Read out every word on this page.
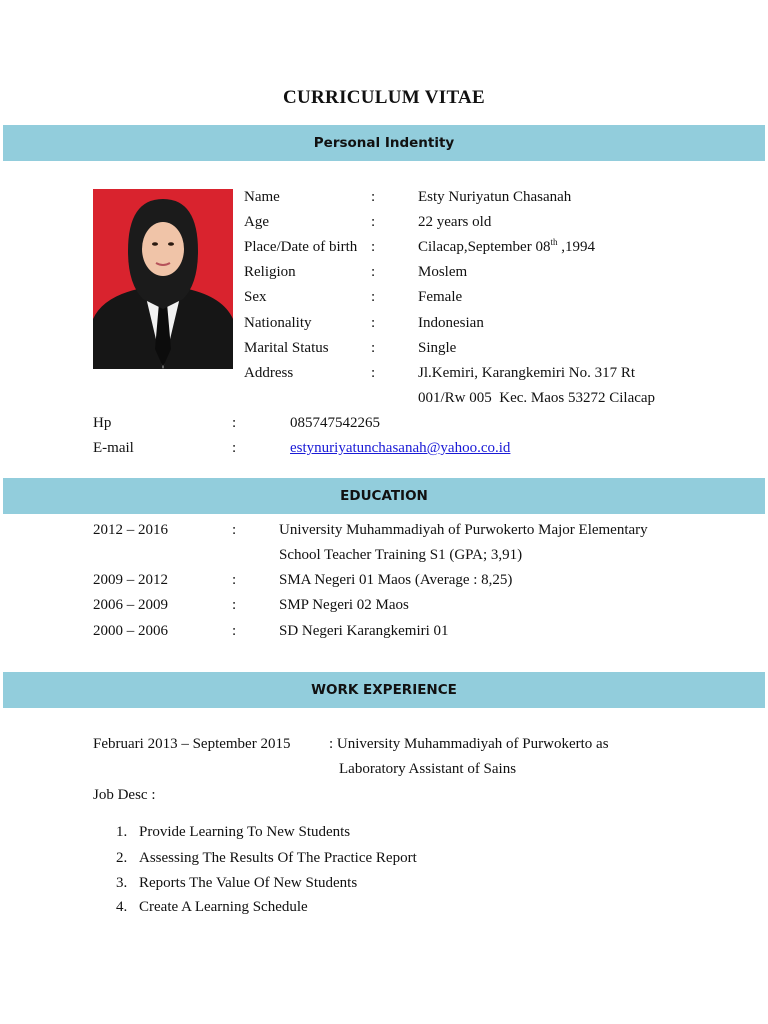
CURRICULUM VITAE
Personal Indentity
Name	:	Esty Nuriyatun Chasanah
Age	:	22 years old
Place/Date of birth :	Cilacap,September 08th ,1994
Religion	:	Moslem
Sex	:	Female
Nationality	:	Indonesian
Marital Status	:	Single
Address	:	Jl.Kemiri, Karangkemiri No. 317 Rt
001/Rw 005  Kec. Maos 53272 Cilacap
Hp	:	085747542265
E-mail	:	estynuriyatunchasanah@yahoo.co.id
EDUCATION
2012 – 2016	:	University Muhammadiyah of Purwokerto Major Elementary
School Teacher Training S1 (GPA; 3,91)
2009 – 2012	:	SMA Negeri 01 Maos (Average : 8,25)
2006 – 2009	:	SMP Negeri 02 Maos
2000 – 2006	:	SD Negeri Karangkemiri 01
WORK EXPERIENCE
Februari 2013 – September 2015	: University Muhammadiyah of Purwokerto as
Laboratory Assistant of Sains
Job Desc :
1. Provide Learning To New Students
2. Assessing The Results Of The Practice Report
3. Reports The Value Of New Students
4. Create A Learning Schedule
